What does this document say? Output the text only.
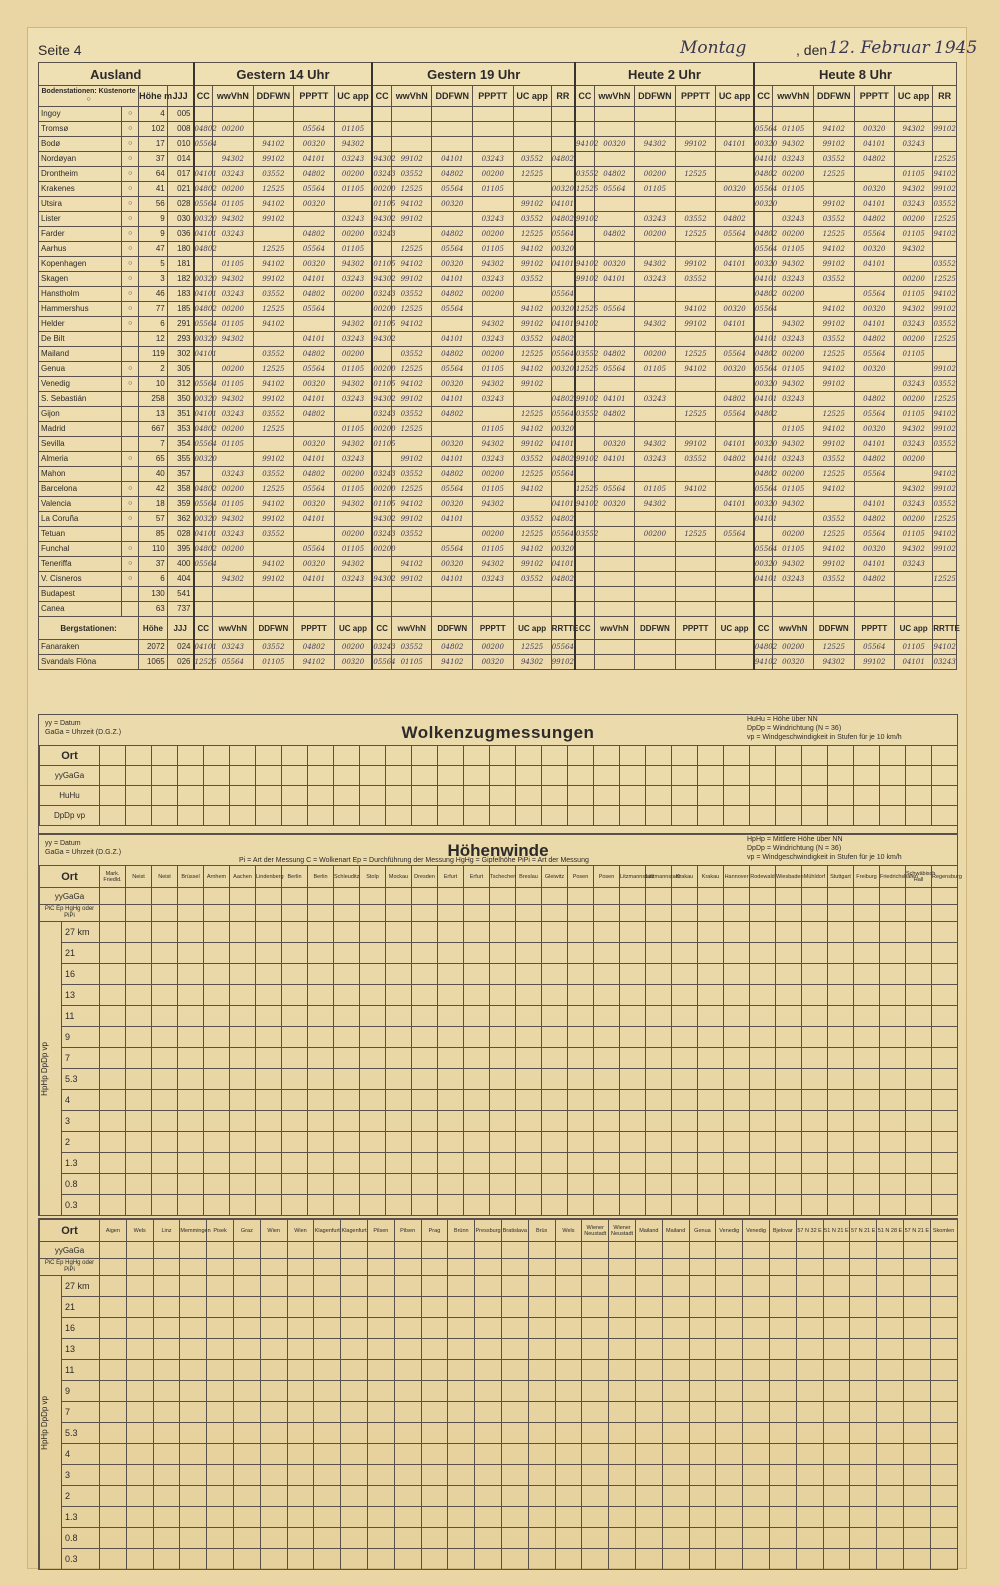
Seite 4	Montag	, den 12. Februar 1945
Ausland				Gestern 14 Uhr					Gestern 19 Uhr						Heute 2 Uhr					Heute 8 Uhr					
Bodenstationen: Küstenorte ○		Höhe m	JJJ	CC	wwVhN	DDFWN	PPPTT	UC app	CC	wwVhN	DDFWN	PPPTT	UC app	RR	CC	wwVhN	DDFWN	PPPTT	UC app	CC	wwVhN	DDFWN	PPPTT	UC app	RR
Ingoy	○	4	005																						
Tromsø	○	102	008	04802	00200		05564	01105												05564	01105	94102	00320	94302	99102
Bodø	○	17	010	05564		94102	00320	94302							94102	00320	94302	99102	04101	00320	94302	99102	04101	03243	
Nordøyan	○	37	014		94302	99102	04101	03243	94302	99102	04101	03243	03552	04802						04101	03243	03552	04802		12525
Drontheim	○	64	017	04101	03243	03552	04802	00200	03243	03552	04802	00200	12525		03552	04802	00200	12525		04802	00200	12525		01105	94102
Krakenes	○	41	021	04802	00200	12525	05564	01105	00200	12525	05564	01105		00320	12525	05564	01105		00320	05564	01105		00320	94302	99102
Utsira	○	56	028	05564	01105	94102	00320		01105	94102	00320		99102	04101						00320		99102	04101	03243	03552
Lister	○	9	030	00320	94302	99102		03243	94302	99102		03243	03552	04802	99102		03243	03552	04802		03243	03552	04802	00200	12525
Farder	○	9	036	04101	03243		04802	00200	03243		04802	00200	12525	05564		04802	00200	12525	05564	04802	00200	12525	05564	01105	94102
Aarhus	○	47	180	04802		12525	05564	01105		12525	05564	01105	94102	00320						05564	01105	94102	00320	94302	
Kopenhagen	○	5	181		01105	94102	00320	94302	01105	94102	00320	94302	99102	04101	94102	00320	94302	99102	04101	00320	94302	99102	04101		03552
Skagen	○	3	182	00320	94302	99102	04101	03243	94302	99102	04101	03243	03552		99102	04101	03243	03552		04101	03243	03552		00200	12525
Hanstholm	○	46	183	04101	03243	03552	04802	00200	03243	03552	04802	00200		05564						04802	00200		05564	01105	94102
Hammershus	○	77	185	04802	00200	12525	05564		00200	12525	05564		94102	00320	12525	05564		94102	00320	05564		94102	00320	94302	99102
Helder	○	6	291	05564	01105	94102		94302	01105	94102		94302	99102	04101	94102		94302	99102	04101		94302	99102	04101	03243	03552
De Bilt		12	293	00320	94302		04101	03243	94302		04101	03243	03552	04802						04101	03243	03552	04802	00200	12525
Mailand		119	302	04101		03552	04802	00200		03552	04802	00200	12525	05564	03552	04802	00200	12525	05564	04802	00200	12525	05564	01105	
Genua	○	2	305		00200	12525	05564	01105	00200	12525	05564	01105	94102	00320	12525	05564	01105	94102	00320	05564	01105	94102	00320		99102
Venedig	○	10	312	05564	01105	94102	00320	94302	01105	94102	00320	94302	99102							00320	94302	99102		03243	03552
S. Sebastián		258	350	00320	94302	99102	04101	03243	94302	99102	04101	03243		04802	99102	04101	03243		04802	04101	03243		04802	00200	12525
Gijon		13	351	04101	03243	03552	04802		03243	03552	04802		12525	05564	03552	04802		12525	05564	04802		12525	05564	01105	94102
Madrid		667	353	04802	00200	12525		01105	00200	12525		01105	94102	00320							01105	94102	00320	94302	99102
Sevilla		7	354	05564	01105		00320	94302	01105		00320	94302	99102	04101		00320	94302	99102	04101	00320	94302	99102	04101	03243	03552
Almeria	○	65	355	00320		99102	04101	03243		99102	04101	03243	03552	04802	99102	04101	03243	03552	04802	04101	03243	03552	04802	00200	
Mahon		40	357		03243	03552	04802	00200	03243	03552	04802	00200	12525	05564						04802	00200	12525	05564		94102
Barcelona	○	42	358	04802	00200	12525	05564	01105	00200	12525	05564	01105	94102		12525	05564	01105	94102		05564	01105	94102		94302	99102
Valencia	○	18	359	05564	01105	94102	00320	94302	01105	94102	00320	94302		04101	94102	00320	94302		04101	00320	94302		04101	03243	03552
La Coruña	○	57	362	00320	94302	99102	04101		94302	99102	04101		03552	04802						04101		03552	04802	00200	12525
Tetuan		85	028	04101	03243	03552		00200	03243	03552		00200	12525	05564	03552		00200	12525	05564		00200	12525	05564	01105	94102
Funchal	○	110	395	04802	00200		05564	01105	00200		05564	01105	94102	00320						05564	01105	94102	00320	94302	99102
Teneriffa	○	37	400	05564		94102	00320	94302		94102	00320	94302	99102	04101						00320	94302	99102	04101	03243	
V. Cisneros	○	6	404		94302	99102	04101	03243	94302	99102	04101	03243	03552	04802						04101	03243	03552	04802		12525
Budapest		130	541																						
Canea		63	737																						
Bergstationen:		Höhe	JJJ	CC	wwVhN	DDFWN	PPPTT	UC app	CC	wwVhN	DDFWN	PPPTT	UC app	RRTTE	CC	wwVhN	DDFWN	PPPTT	UC app	CC	wwVhN	DDFWN	PPPTT	UC app	RRTTE
Fanaraken		2072	024	04101	03243	03552	04802	00200	03243	03552	04802	00200	12525	05564						04802	00200	12525	05564	01105	94102
Svandals Flöna		1065	026	12525	05564	01105	94102	00320	05564	01105	94102	00320	94302	99102						94102	00320	94302	99102	04101	03243
yy = Datum
GaGa = Uhrzeit (D.G.Z.)	Wolkenzugmessungen
HuHu = Höhe über NN
DpDp = Windrichtung (N = 36)
vp = Windgeschwindigkeit in Stufen für je 10 km/h
Ort																																	
yyGaGa																																	
HuHu																																	
DpDp vp																																	
yy = Datum
GaGa = Uhrzeit (D.G.Z.)	Höhenwinde
Pi = Art der Messung C = Wolkenart Ep = Durchführung der Messung HgHg = Gipfelhöhe PiPi = Art der Messung
HpHp = Mittlere Höhe über NN
DpDp = Windrichtung (N = 36)
vp = Windgeschwindigkeit in Stufen für je 10 km/h
Ort		Mark. Friedld.	Neist	Neist	Brüssel	Arnhem	Aachen	Lindenberg	Berlin	Berlin	Schleuditz	Stolp	Mockau	Dresden	Erfurt	Erfurt	Tschechen	Breslau	Gleiwitz	Posen	Posen	Litzmannstadt	Litzmannstadt	Krakau	Krakau	Hannover	Rodewald	Wiesbaden	Mühldorf	Stuttgart	Freiburg	Friedrichshafen	Schwäbisch Hall	Regensburg
yyGaGa																																		
PiC Ep HgHg oder PiPi																																		

HpHp DpDp vp	27 km																																	
	21																																	
	16																																	
	13																																	
	11																																	
	9																																	
	7																																	
	5.3																																	
	4																																	
	3																																	
	2																																	
	1.3																																	
	0.8																																	
	0.3																																	
Ort		Aigen	Wels	Linz	Memmingen	Pisek	Graz	Wien	Wien	Klagenfurt	Klagenfurt	Pilsen	Pilsen	Prag	Brünn	Pressburg	Bratislava	Brüx	Wels	Wiener Neustadt	Wiener Neustadt	Mailand	Mailand	Genua	Venedig	Venedig	Bjelovar	57 N 32 E	51 N 21 E	57 N 21 E	51 N 28 E	57 N 21 E	Skomlen
yyGaGa																																	
PiC Ep HgHg oder PiPi																																	

HpHp DpDp vp	27 km																																
	21																																
	16																																
	13																																
	11																																
	9																																
	7																																
	5.3																																
	4																																
	3																																
	2																																
	1.3																																
	0.8																																
	0.3																																
